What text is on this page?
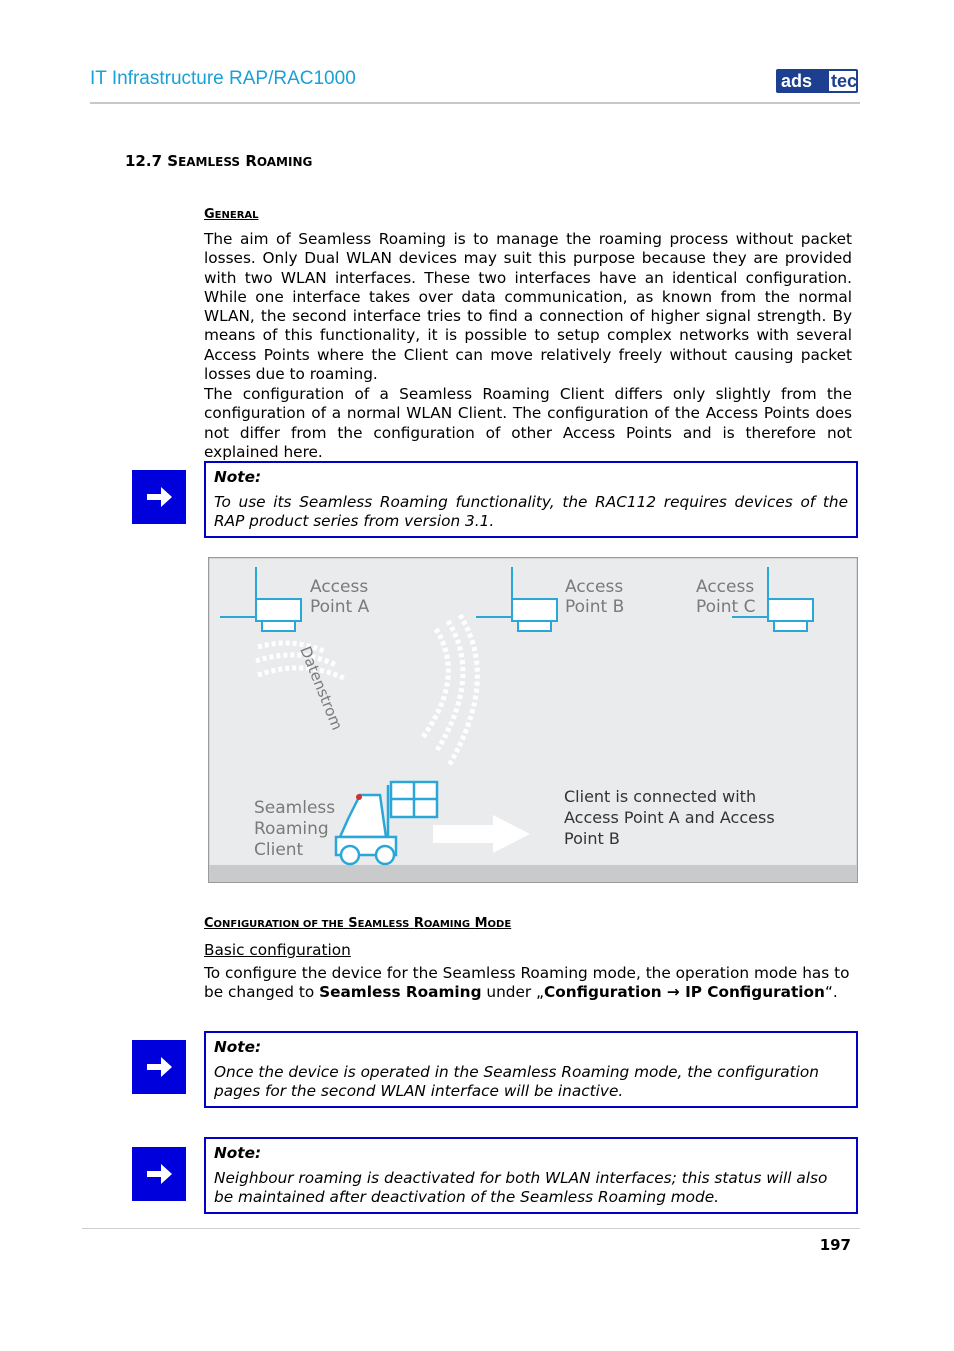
IT Infrastructure RAP/RAC1000	ads tec
12.7 SEAMLESS ROAMING
GENERAL
The aim of Seamless Roaming is to manage the roaming process without packet losses. Only Dual WLAN devices may suit this purpose because they are provided with two WLAN interfaces. These two interfaces have an identical configuration. While one interface takes over data communication, as known from the normal WLAN, the second interface tries to find a connection of higher signal strength. By means of this functionality, it is possible to setup complex networks with several Access Points where the Client can move relatively freely without causing packet losses due to roaming.
The configuration of a Seamless Roaming Client differs only slightly from the configuration of a normal WLAN Client. The configuration of the Access Points does not differ from the configuration of other Access Points and is therefore not explained here.
Note:
To use its Seamless Roaming functionality, the RAC112 requires devices of the RAP product series from version 3.1.
Access
Point A
Access
Point B
Access
Point C
Datenstrom
Seamless
Roaming
Client
Client is connected with
Access Point A and Access
Point B
CONFIGURATION OF THE SEAMLESS ROAMING MODE
Basic configuration
To configure the device for the Seamless Roaming mode, the operation mode has to be changed to Seamless Roaming under „Configuration → IP Configuration“.
Note:
Once the device is operated in the Seamless Roaming mode, the configuration pages for the second WLAN interface will be inactive.
Note:
Neighbour roaming is deactivated for both WLAN interfaces; this status will also be maintained after deactivation of the Seamless Roaming mode.
197
